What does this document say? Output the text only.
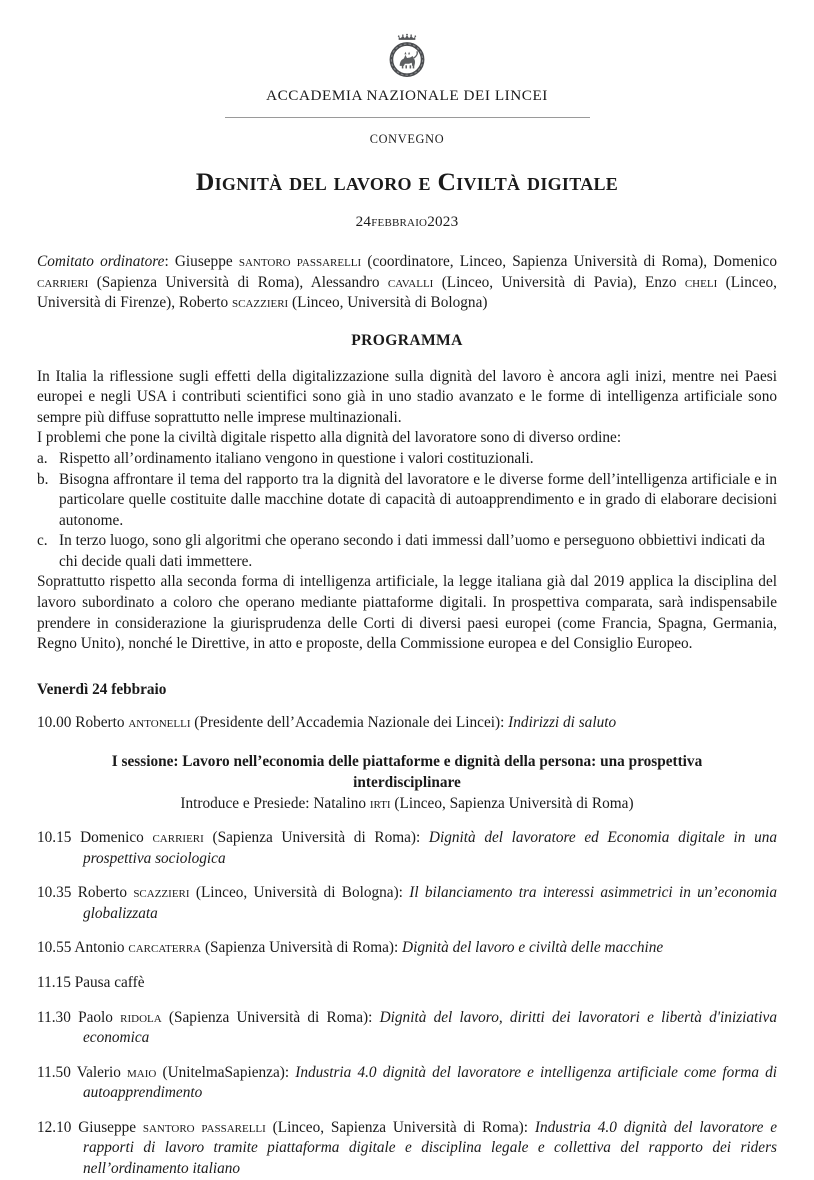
ACCADEMIA NAZIONALE DEI LINCEI
CONVEGNO
Dignità del lavoro e Civiltà digitale
24febbraio2023
Comitato ordinatore: Giuseppe santoro passarelli (coordinatore, Linceo, Sapienza Università di Roma), Domenico carrieri (Sapienza Università di Roma), Alessandro cavalli (Linceo, Università di Pavia), Enzo cheli (Linceo, Università di Firenze), Roberto scazzieri (Linceo, Università di Bologna)
PROGRAMMA

In Italia la riflessione sugli effetti della digitalizzazione sulla dignità del lavoro è ancora agli inizi, mentre nei Paesi europei e negli USA i contributi scientifici sono già in uno stadio avanzato e le forme di intelligenza artificiale sono sempre più diffuse soprattutto nelle imprese multinazionali.

I problemi che pone la civiltà digitale rispetto alla dignità del lavoratore sono di diverso ordine:

a. Rispetto all’ordinamento italiano vengono in questione i valori costituzionali.
b. Bisogna affrontare il tema del rapporto tra la dignità del lavoratore e le diverse forme dell’intelligenza artificiale e in particolare quelle costituite dalle macchine dotate di capacità di autoapprendimento e in grado di elaborare decisioni autonome.
c. In terzo luogo, sono gli algoritmi che operano secondo i dati immessi dall’uomo e perseguono obbiettivi indicati da chi decide quali dati immettere.

Soprattutto rispetto alla seconda forma di intelligenza artificiale, la legge italiana già dal 2019 applica la disciplina del lavoro subordinato a coloro che operano mediante piattaforme digitali. In prospettiva comparata, sarà indispensabile prendere in considerazione la giurisprudenza delle Corti di diversi paesi europei (come Francia, Spagna, Germania, Regno Unito), nonché le Direttive, in atto e proposte, della Commissione europea e del Consiglio Europeo.

Venerdì 24 febbraio
10.00 Roberto antonelli (Presidente dell’Accademia Nazionale dei Lincei): Indirizzi di saluto
I sessione: Lavoro nell’economia delle piattaforme e dignità della persona: una prospettiva interdisciplinare
Introduce e Presiede: Natalino irti (Linceo, Sapienza Università di Roma)
10.15 Domenico carrieri (Sapienza Università di Roma): Dignità del lavoratore ed Economia digitale in una prospettiva sociologica
10.35 Roberto scazzieri (Linceo, Università di Bologna): Il bilanciamento tra interessi asimmetrici in un’economia globalizzata
10.55 Antonio carcaterra (Sapienza Università di Roma): Dignità del lavoro e civiltà delle macchine
11.15 Pausa caffè
11.30 Paolo ridola (Sapienza Università di Roma): Dignità del lavoro, diritti dei lavoratori e libertà d'iniziativa economica
11.50 Valerio maio (UnitelmaSapienza): Industria 4.0 dignità del lavoratore e intelligenza artificiale come forma di autoapprendimento
12.10 Giuseppe santoro passarelli (Linceo, Sapienza Università di Roma): Industria 4.0 dignità del lavoratore e rapporti di lavoro tramite piattaforma digitale e disciplina legale e collettiva del rapporto dei riders nell’ordinamento italiano
